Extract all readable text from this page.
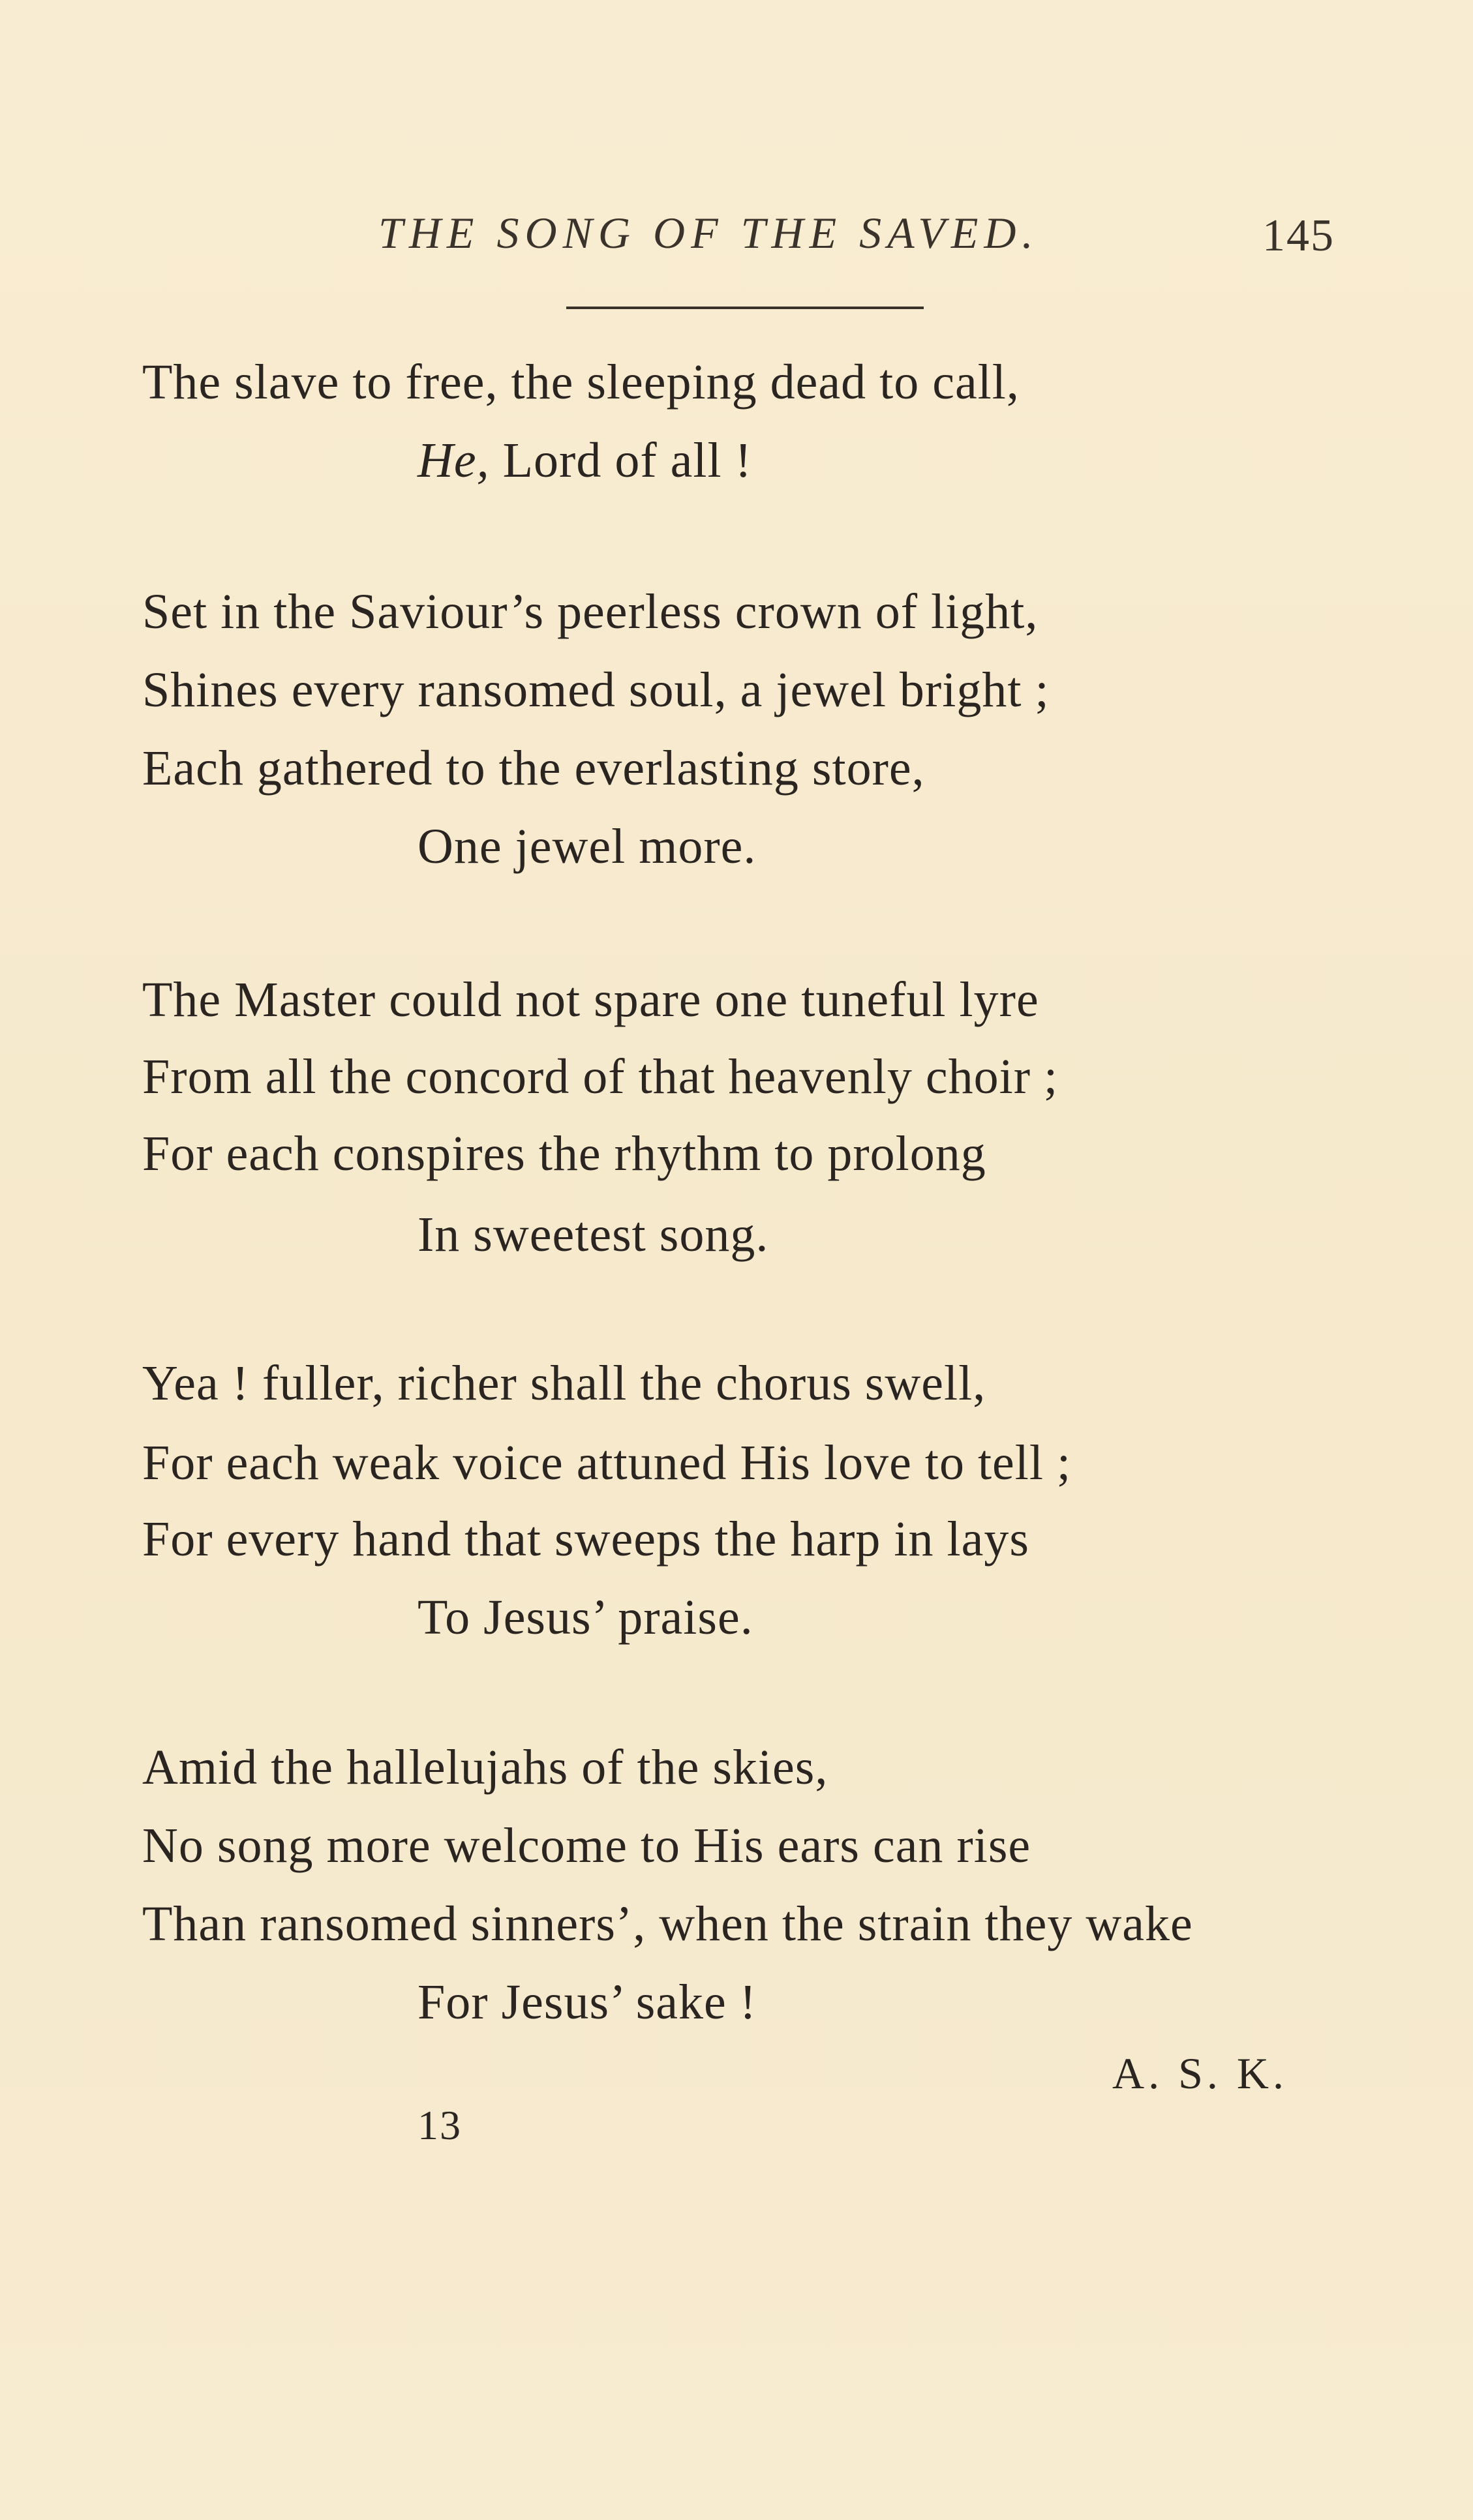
THE SONG OF THE SAVED.	145
The slave to free, the sleeping dead to call,
He, Lord of all !
Set in the Saviour’s peerless crown of light,
Shines every ransomed soul, a jewel bright ;
Each gathered to the everlasting store,
One jewel more.
The Master could not spare one tuneful lyre
From all the concord of that heavenly choir ;
For each conspires the rhythm to prolong
In sweetest song.
Yea ! fuller, richer shall the chorus swell,
For each weak voice attuned His love to tell ;
For every hand that sweeps the harp in lays
To Jesus’ praise.
Amid the hallelujahs of the skies,
No song more welcome to His ears can rise
Than ransomed sinners’, when the strain they wake
For Jesus’ sake !
A. S. K.
13
